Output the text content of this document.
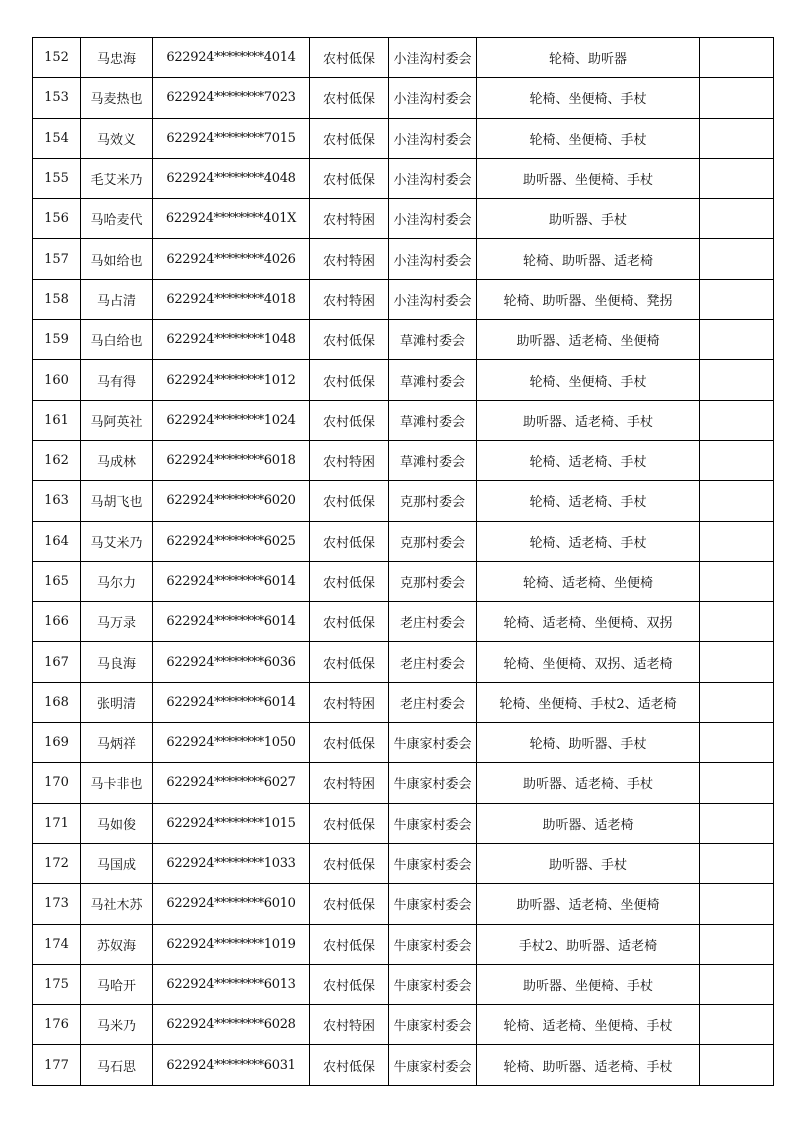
152	马忠海	622924********4014	农村低保	小洼沟村委会	轮椅、助听器	
153	马麦热也	622924********7023	农村低保	小洼沟村委会	轮椅、坐便椅、手杖	
154	马效义	622924********7015	农村低保	小洼沟村委会	轮椅、坐便椅、手杖	
155	毛艾米乃	622924********4048	农村低保	小洼沟村委会	助听器、坐便椅、手杖	
156	马哈麦代	622924********401X	农村特困	小洼沟村委会	助听器、手杖	
157	马如给也	622924********4026	农村特困	小洼沟村委会	轮椅、助听器、适老椅	
158	马占清	622924********4018	农村特困	小洼沟村委会	轮椅、助听器、坐便椅、凳拐	
159	马白给也	622924********1048	农村低保	草滩村委会	助听器、适老椅、坐便椅	
160	马有得	622924********1012	农村低保	草滩村委会	轮椅、坐便椅、手杖	
161	马阿英社	622924********1024	农村低保	草滩村委会	助听器、适老椅、手杖	
162	马成林	622924********6018	农村特困	草滩村委会	轮椅、适老椅、手杖	
163	马胡飞也	622924********6020	农村低保	克那村委会	轮椅、适老椅、手杖	
164	马艾米乃	622924********6025	农村低保	克那村委会	轮椅、适老椅、手杖	
165	马尔力	622924********6014	农村低保	克那村委会	轮椅、适老椅、坐便椅	
166	马万录	622924********6014	农村低保	老庄村委会	轮椅、适老椅、坐便椅、双拐	
167	马良海	622924********6036	农村低保	老庄村委会	轮椅、坐便椅、双拐、适老椅	
168	张明清	622924********6014	农村特困	老庄村委会	轮椅、坐便椅、手杖2、适老椅	
169	马炳祥	622924********1050	农村低保	牛康家村委会	轮椅、助听器、手杖	
170	马卡非也	622924********6027	农村特困	牛康家村委会	助听器、适老椅、手杖	
171	马如俊	622924********1015	农村低保	牛康家村委会	助听器、适老椅	
172	马国成	622924********1033	农村低保	牛康家村委会	助听器、手杖	
173	马社木苏	622924********6010	农村低保	牛康家村委会	助听器、适老椅、坐便椅	
174	苏奴海	622924********1019	农村低保	牛康家村委会	手杖2、助听器、适老椅	
175	马哈开	622924********6013	农村低保	牛康家村委会	助听器、坐便椅、手杖	
176	马米乃	622924********6028	农村特困	牛康家村委会	轮椅、适老椅、坐便椅、手杖	
177	马石思	622924********6031	农村低保	牛康家村委会	轮椅、助听器、适老椅、手杖	
